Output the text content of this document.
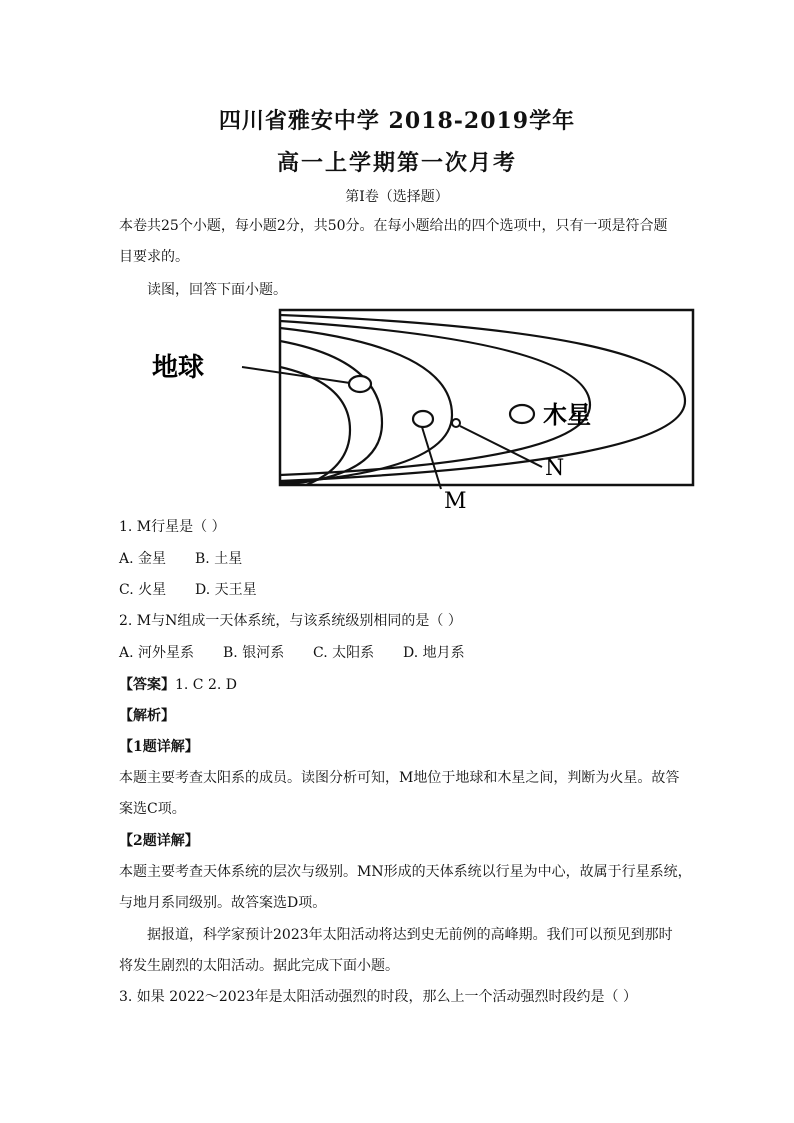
四川省雅安中学 2018-2019学年
高一上学期第一次月考
第Ⅰ卷（选择题）
本卷共25个小题，每小题2分，共50分。在每小题给出的四个选项中，只有一项是符合题
目要求的。
读图，回答下面小题。
地球
木星
N
M
1. M行星是（ ）
A. 金星 B. 土星
C. 火星 D. 天王星
2. M与N组成一天体系统，与该系统级别相同的是（ ）
A. 河外星系 B. 银河系 C. 太阳系 D. 地月系
【答案】1. C 2. D
【解析】
【1题详解】
本题主要考查太阳系的成员。读图分析可知，M地位于地球和木星之间，判断为火星。故答
案选C项。
【2题详解】
本题主要考查天体系统的层次与级别。MN形成的天体系统以行星为中心，故属于行星系统，
与地月系同级别。故答案选D项。
据报道，科学家预计2023年太阳活动将达到史无前例的高峰期。我们可以预见到那时
将发生剧烈的太阳活动。据此完成下面小题。
3. 如果 2022～2023年是太阳活动强烈的时段，那么上一个活动强烈时段约是（ ）
